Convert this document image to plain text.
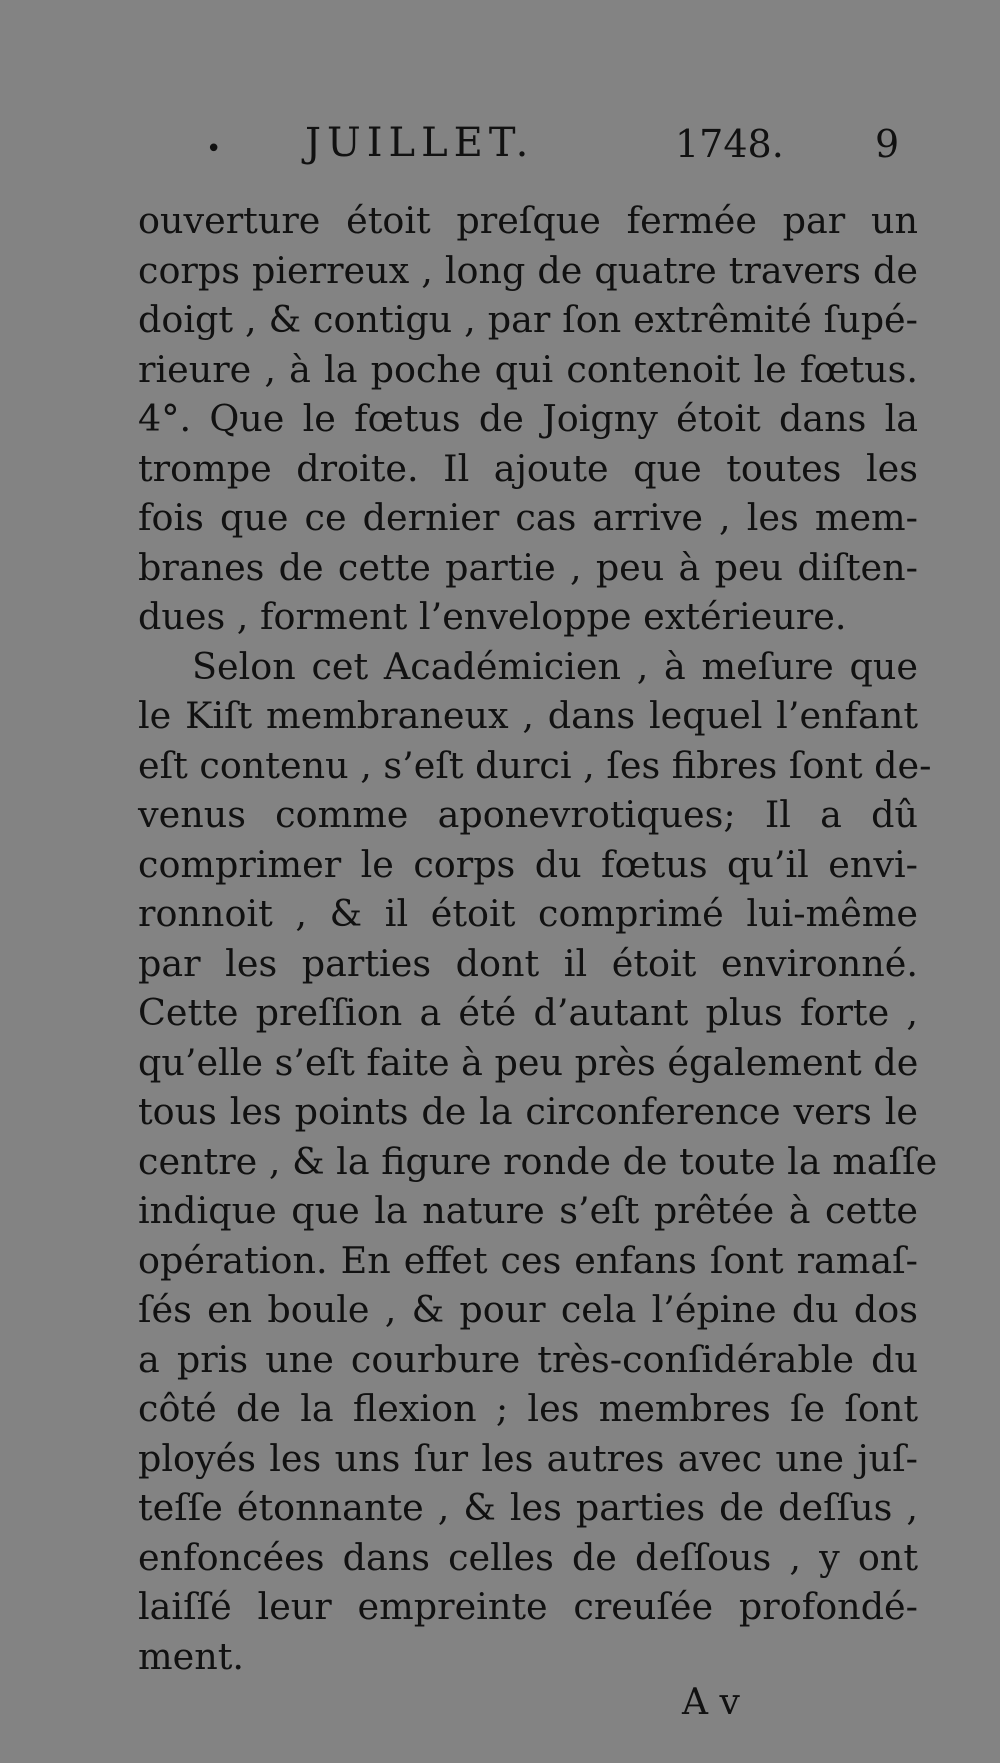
• JUILLET.	1748. 9
ouverture étoit preſque fermée par un
corps pierreux , long de quatre travers de
doigt , & contigu , par ſon extrêmité ſupé-
rieure , à la poche qui contenoit le fœtus.
4°. Que le fœtus de Joigny étoit dans la
trompe droite. Il ajoute que toutes les
fois que ce dernier cas arrive , les mem-
branes de cette partie , peu à peu diſten-
dues , forment l’enveloppe extérieure.
Selon cet Académicien , à meſure que
le Kiſt membraneux , dans lequel l’enfant
eſt contenu , s’eſt durci , ſes fibres ſont de-
venus comme aponevrotiques; Il a dû
comprimer le corps du fœtus qu’il envi-
ronnoit , & il étoit comprimé lui-même
par les parties dont il étoit environné.
Cette preſſion a été d’autant plus forte ,
qu’elle s’eſt faite à peu près également de
tous les points de la circonference vers le
centre , & la figure ronde de toute la maſſe
indique que la nature s’eſt prêtée à cette
opération. En effet ces enfans ſont ramaſ-
ſés en boule , & pour cela l’épine du dos
a pris une courbure très-conſidérable du
côté de la flexion ; les membres ſe ſont
ployés les uns ſur les autres avec une juſ-
teſſe étonnante , & les parties de deſſus ,
enfoncées dans celles de deſſous , y ont
laiſſé leur empreinte creuſée profondé-
ment.
A v
